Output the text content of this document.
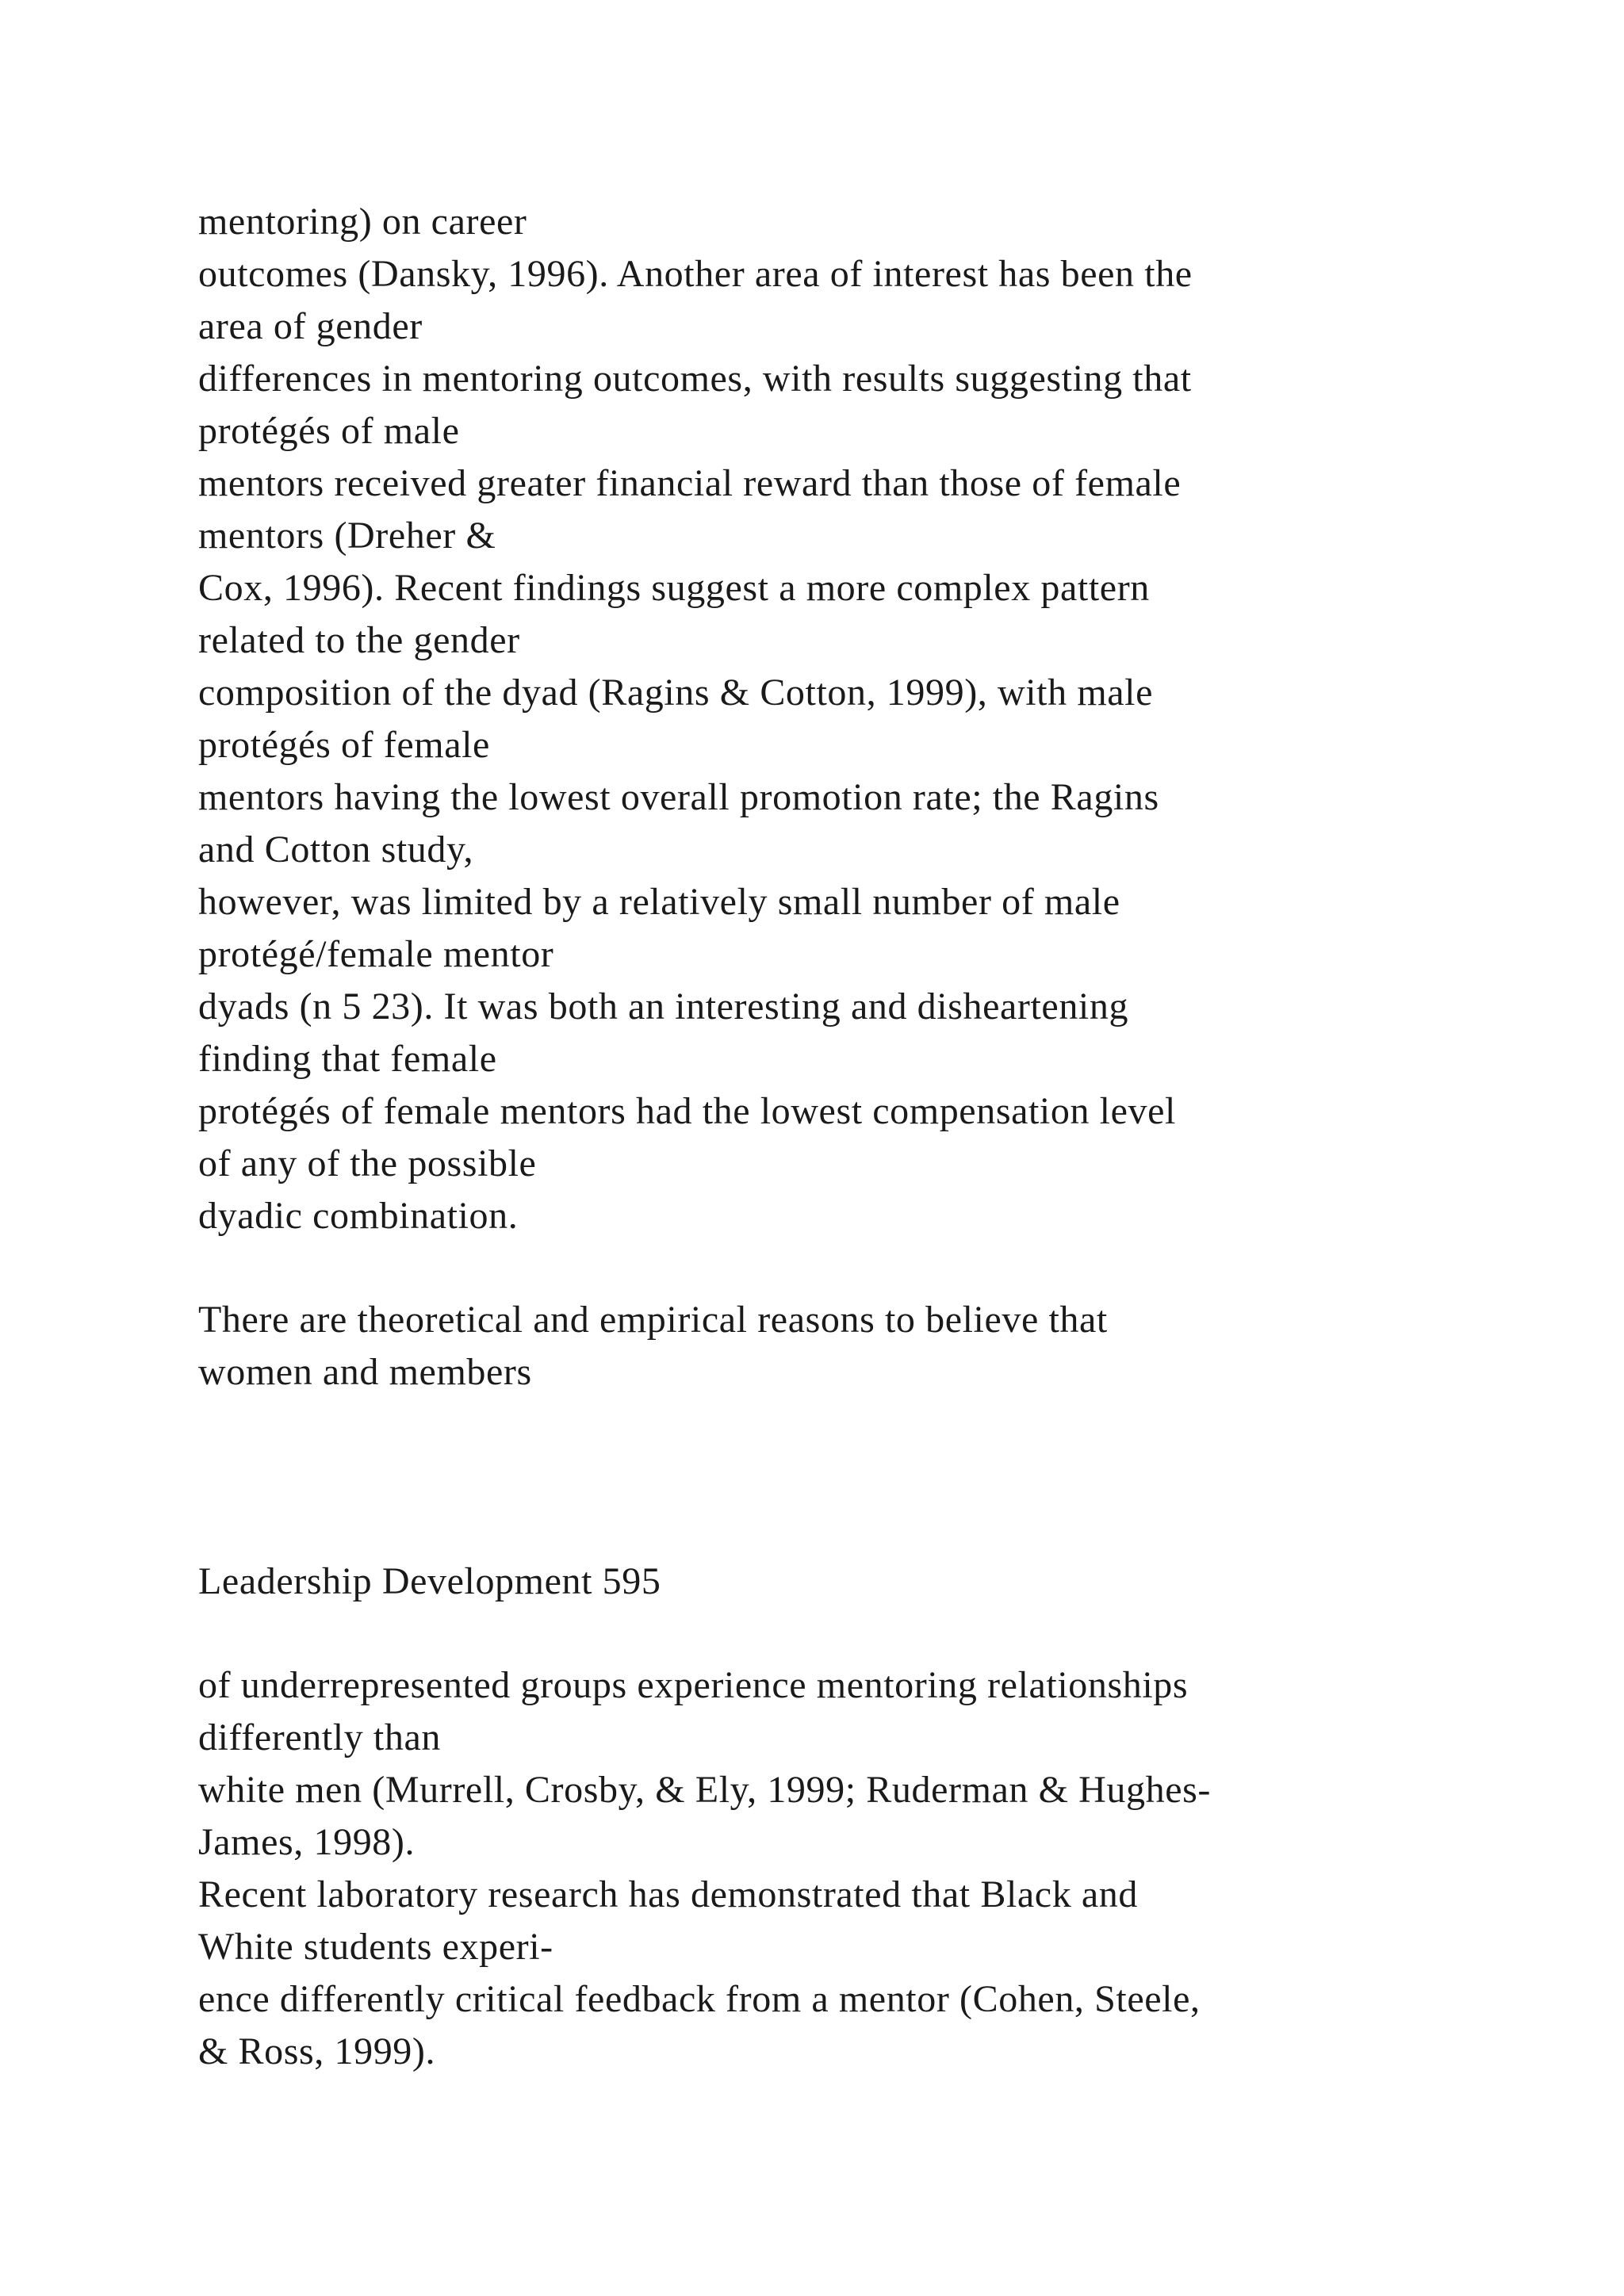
mentoring) on career
outcomes (Dansky, 1996). Another area of interest has been the
area of gender
differences in mentoring outcomes, with results suggesting that
protégés of male
mentors received greater financial reward than those of female
mentors (Dreher &
Cox, 1996). Recent findings suggest a more complex pattern
related to the gender
composition of the dyad (Ragins & Cotton, 1999), with male
protégés of female
mentors having the lowest overall promotion rate; the Ragins
and Cotton study,
however, was limited by a relatively small number of male
protégé/female mentor
dyads (n 5 23). It was both an interesting and disheartening
finding that female
protégés of female mentors had the lowest compensation level
of any of the possible
dyadic combination.
There are theoretical and empirical reasons to believe that
women and members
Leadership Development 595
of underrepresented groups experience mentoring relationships
differently than
white men (Murrell, Crosby, & Ely, 1999; Ruderman & Hughes-
James, 1998).
Recent laboratory research has demonstrated that Black and
White students experi-
ence differently critical feedback from a mentor (Cohen, Steele,
& Ross, 1999).
